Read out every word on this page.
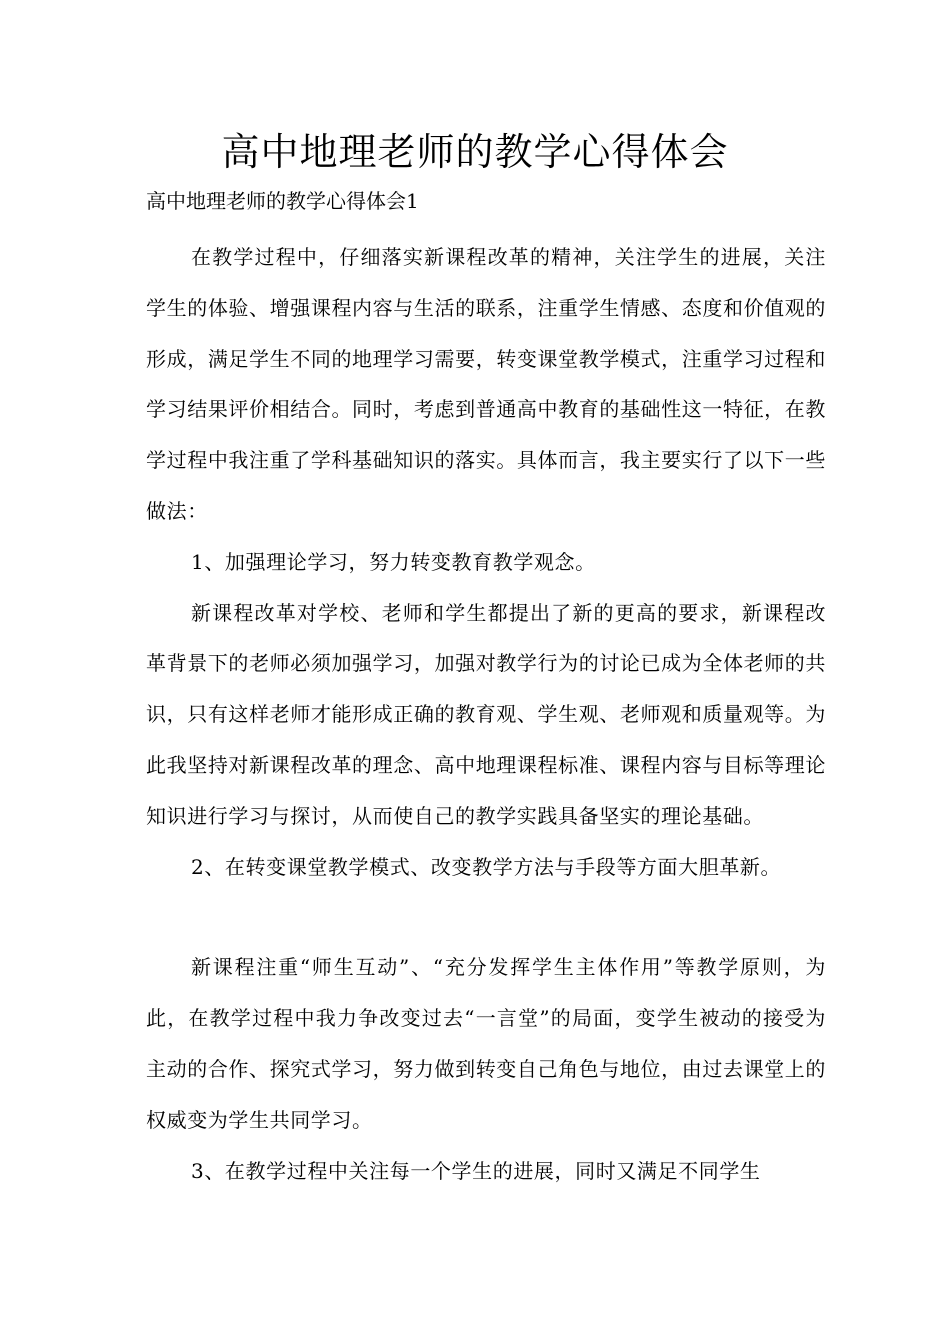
高中地理老师的教学心得体会
高中地理老师的教学心得体会1

在教学过程中，仔细落实新课程改革的精神，关注学生的进展，关注学生的体验、增强课程内容与生活的联系，注重学生情感、态度和价值观的形成，满足学生不同的地理学习需要，转变课堂教学模式，注重学习过程和学习结果评价相结合。同时，考虑到普通高中教育的基础性这一特征，在教学过程中我注重了学科基础知识的落实。具体而言，我主要实行了以下一些做法：

1、加强理论学习，努力转变教育教学观念。

新课程改革对学校、老师和学生都提出了新的更高的要求，新课程改革背景下的老师必须加强学习，加强对教学行为的讨论已成为全体老师的共识，只有这样老师才能形成正确的教育观、学生观、老师观和质量观等。为此我坚持对新课程改革的理念、高中地理课程标准、课程内容与目标等理论知识进行学习与探讨，从而使自己的教学实践具备坚实的理论基础。

2、在转变课堂教学模式、改变教学方法与手段等方面大胆革新。

新课程注重“师生互动”、“充分发挥学生主体作用”等教学原则，为此，在教学过程中我力争改变过去“一言堂”的局面，变学生被动的接受为主动的合作、探究式学习，努力做到转变自己角色与地位，由过去课堂上的权威变为学生共同学习。

3、在教学过程中关注每一个学生的进展，同时又满足不同学生
